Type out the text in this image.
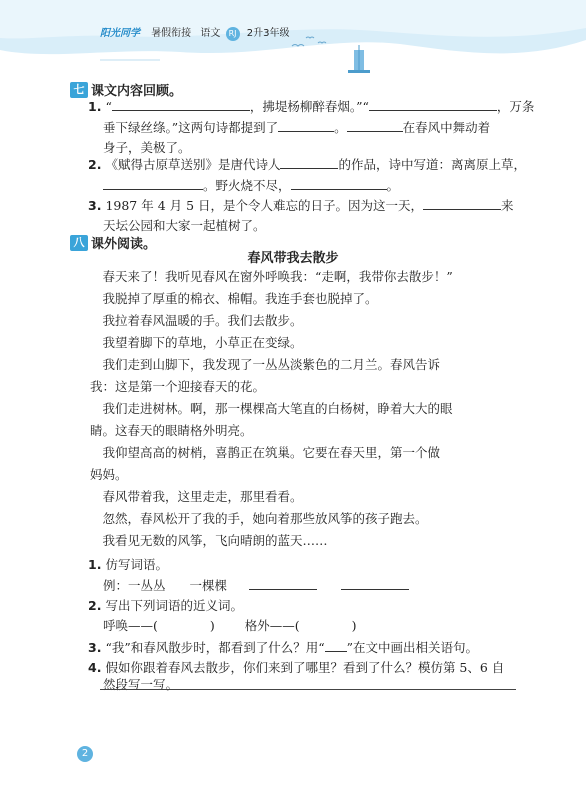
阳光同学 暑假衔接 语文 RJ 2升3年级
七 课文内容回顾。
1. “	，拂堤杨柳醉春烟。”“	，万条
垂下绿丝绦。”这两句诗都提到了	。	在春风中舞动着
身子，美极了。
2. 《赋得古原草送别》是唐代诗人	的作品，诗中写道：离离原上草，
。野火烧不尽，	。
3. 1987 年 4 月 5 日，是个令人难忘的日子。因为这一天，	来
天坛公园和大家一起植树了。
八 课外阅读。
春风带我去散步
　春天来了！我听见春风在窗外呼唤我：“走啊，我带你去散步！”
　我脱掉了厚重的棉衣、棉帽。我连手套也脱掉了。
　我拉着春风温暖的手。我们去散步。
　我望着脚下的草地，小草正在变绿。
　我们走到山脚下，我发现了一丛丛淡紫色的二月兰。春风告诉
我：这是第一个迎接春天的花。
　我们走进树林。啊，那一棵棵高大笔直的白杨树，睁着大大的眼
睛。这春天的眼睛格外明亮。
　我仰望高高的树梢，喜鹊正在筑巢。它要在春天里，第一个做
妈妈。
　春风带着我，这里走走，那里看看。
　忽然，春风松开了我的手，她向着那些放风筝的孩子跑去。
　我看见无数的风筝，飞向晴朗的蓝天……
1. 仿写词语。
例：一丛丛 一棵棵
2. 写出下列词语的近义词。
呼唤——(	) 格外——(	)
3. “我”和春风散步时，都看到了什么？用“ ”在文中画出相关语句。
4. 假如你跟着春风去散步，你们来到了哪里？看到了什么？模仿第 5、6 自
然段写一写。
2
